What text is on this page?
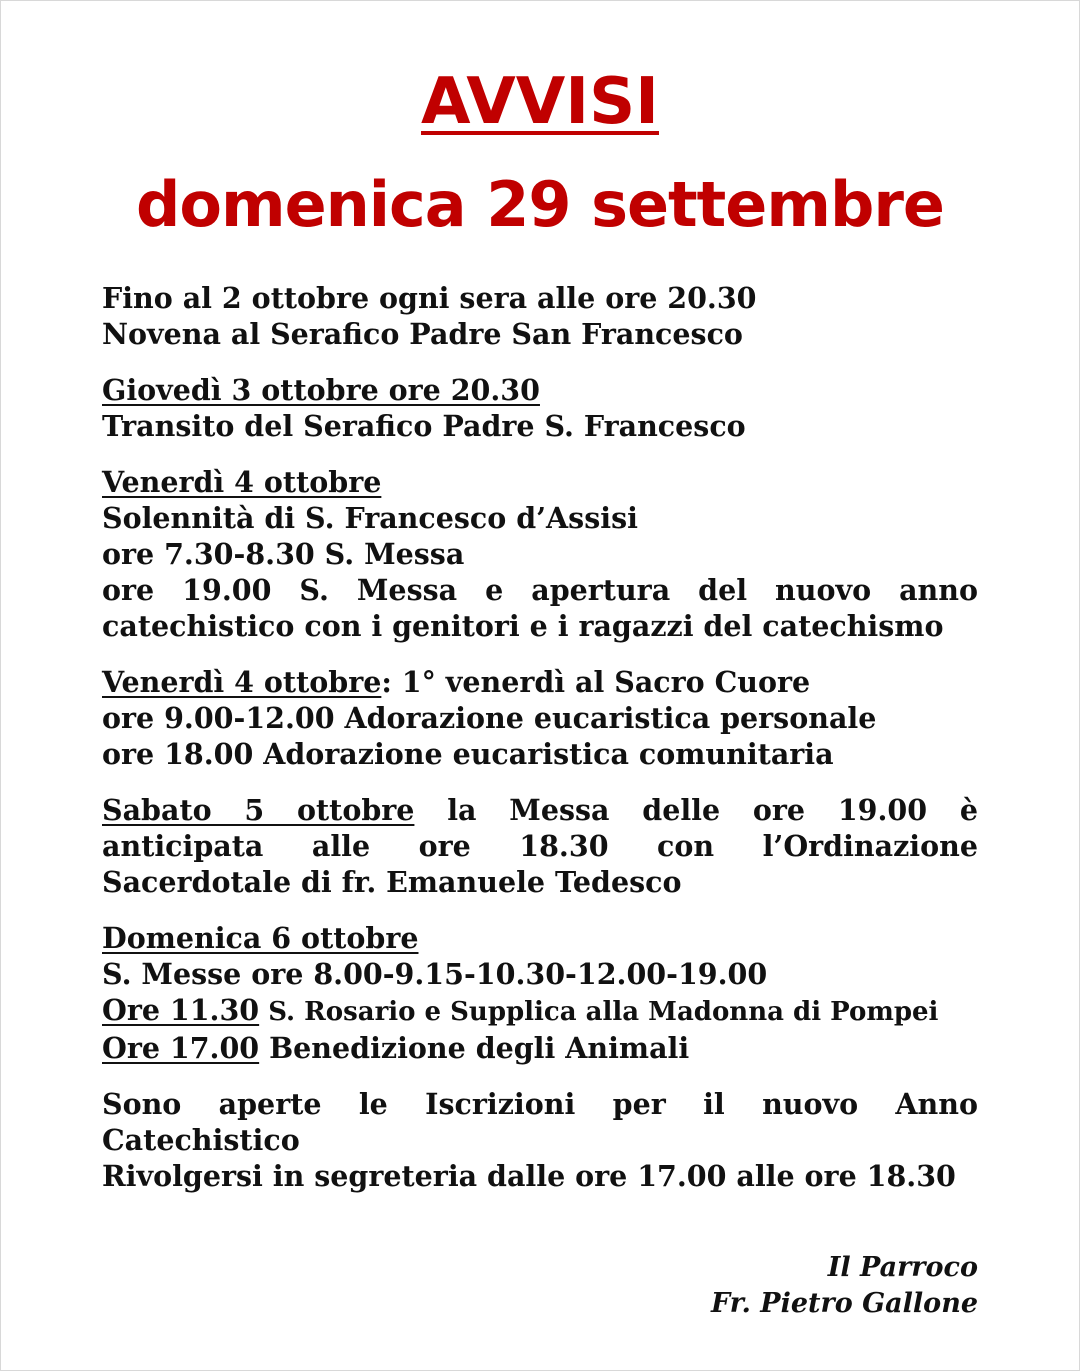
AVVISI
domenica 29 settembre
Fino al 2 ottobre ogni sera alle ore 20.30
Novena al Serafico Padre San Francesco
Giovedì 3 ottobre ore 20.30
Transito del Serafico Padre S. Francesco
Venerdì 4 ottobre
Solennità di S. Francesco d’Assisi
ore 7.30-8.30 S. Messa
ore 19.00 S. Messa e apertura del nuovo anno
catechistico con i genitori e i ragazzi del catechismo
Venerdì 4 ottobre: 1° venerdì al Sacro Cuore
ore 9.00-12.00 Adorazione eucaristica personale
ore 18.00 Adorazione eucaristica comunitaria
Sabato 5 ottobre la Messa delle ore 19.00 è
anticipata alle ore 18.30 con l’Ordinazione
Sacerdotale di fr. Emanuele Tedesco
Domenica 6 ottobre
S. Messe ore 8.00-9.15-10.30-12.00-19.00
Ore 11.30 S. Rosario e Supplica alla Madonna di Pompei
Ore 17.00 Benedizione degli Animali
Sono aperte le Iscrizioni per il nuovo Anno
Catechistico
Rivolgersi in segreteria dalle ore 17.00 alle ore 18.30
Il Parroco
Fr. Pietro Gallone
